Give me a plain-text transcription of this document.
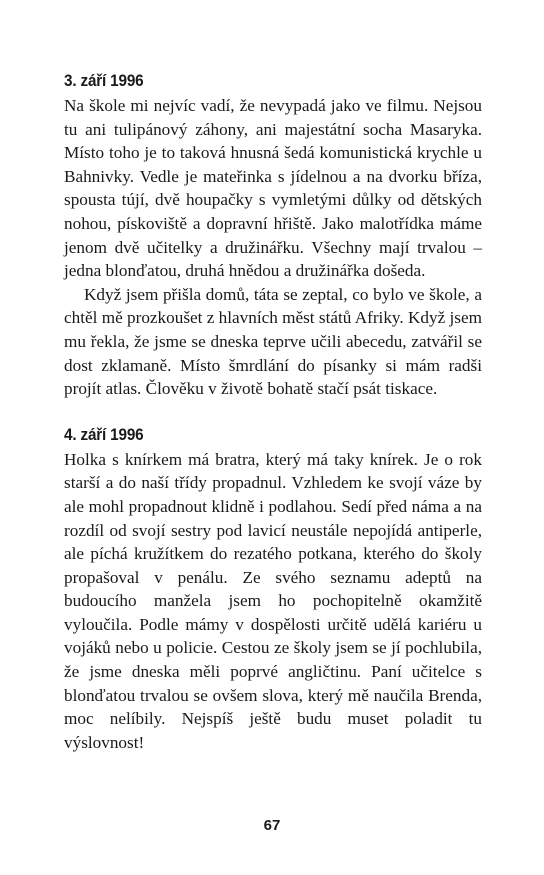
3. září 1996

Na škole mi nejvíc vadí, že nevypadá jako ve filmu. Nejsou tu ani tulipánový záhony, ani majestátní socha Masaryka. Místo toho je to taková hnusná šedá komunistická krychle u Bahnivky. Vedle je mateřinka s jídelnou a na dvorku bříza, spousta tújí, dvě houpačky s vymletými důlky od dětských nohou, pískoviště a dopravní hřiště. Jako malotřídka máme jenom dvě učitelky a družinářku. Všechny mají trvalou – jedna blonďatou, druhá hnědou a družinářka došeda.

Když jsem přišla domů, táta se zeptal, co bylo ve škole, a chtěl mě prozkoušet z hlavních měst států Afriky. Když jsem mu řekla, že jsme se dneska teprve učili abecedu, zatvářil se dost zklamaně. Místo šmrdlání do písanky si mám radši projít atlas. Člověku v životě bohatě stačí psát tiskace.

4. září 1996

Holka s knírkem má bratra, který má taky knírek. Je o rok starší a do naší třídy propadnul. Vzhledem ke svojí váze by ale mohl propadnout klidně i podlahou. Sedí před náma a na rozdíl od svojí sestry pod lavicí neustále nepojídá antiperle, ale píchá kružítkem do rezatého potkana, kterého do školy propašoval v penálu. Ze svého seznamu adeptů na budoucího manžela jsem ho pochopitelně okamžitě vyloučila. Podle mámy v dospělosti určitě udělá kariéru u vojáků nebo u policie. Cestou ze školy jsem se jí pochlubila, že jsme dneska měli poprvé angličtinu. Paní učitelce s blonďatou trvalou se ovšem slova, který mě naučila Brenda, moc nelíbily. Nejspíš ještě budu muset poladit tu výslovnost!

67
